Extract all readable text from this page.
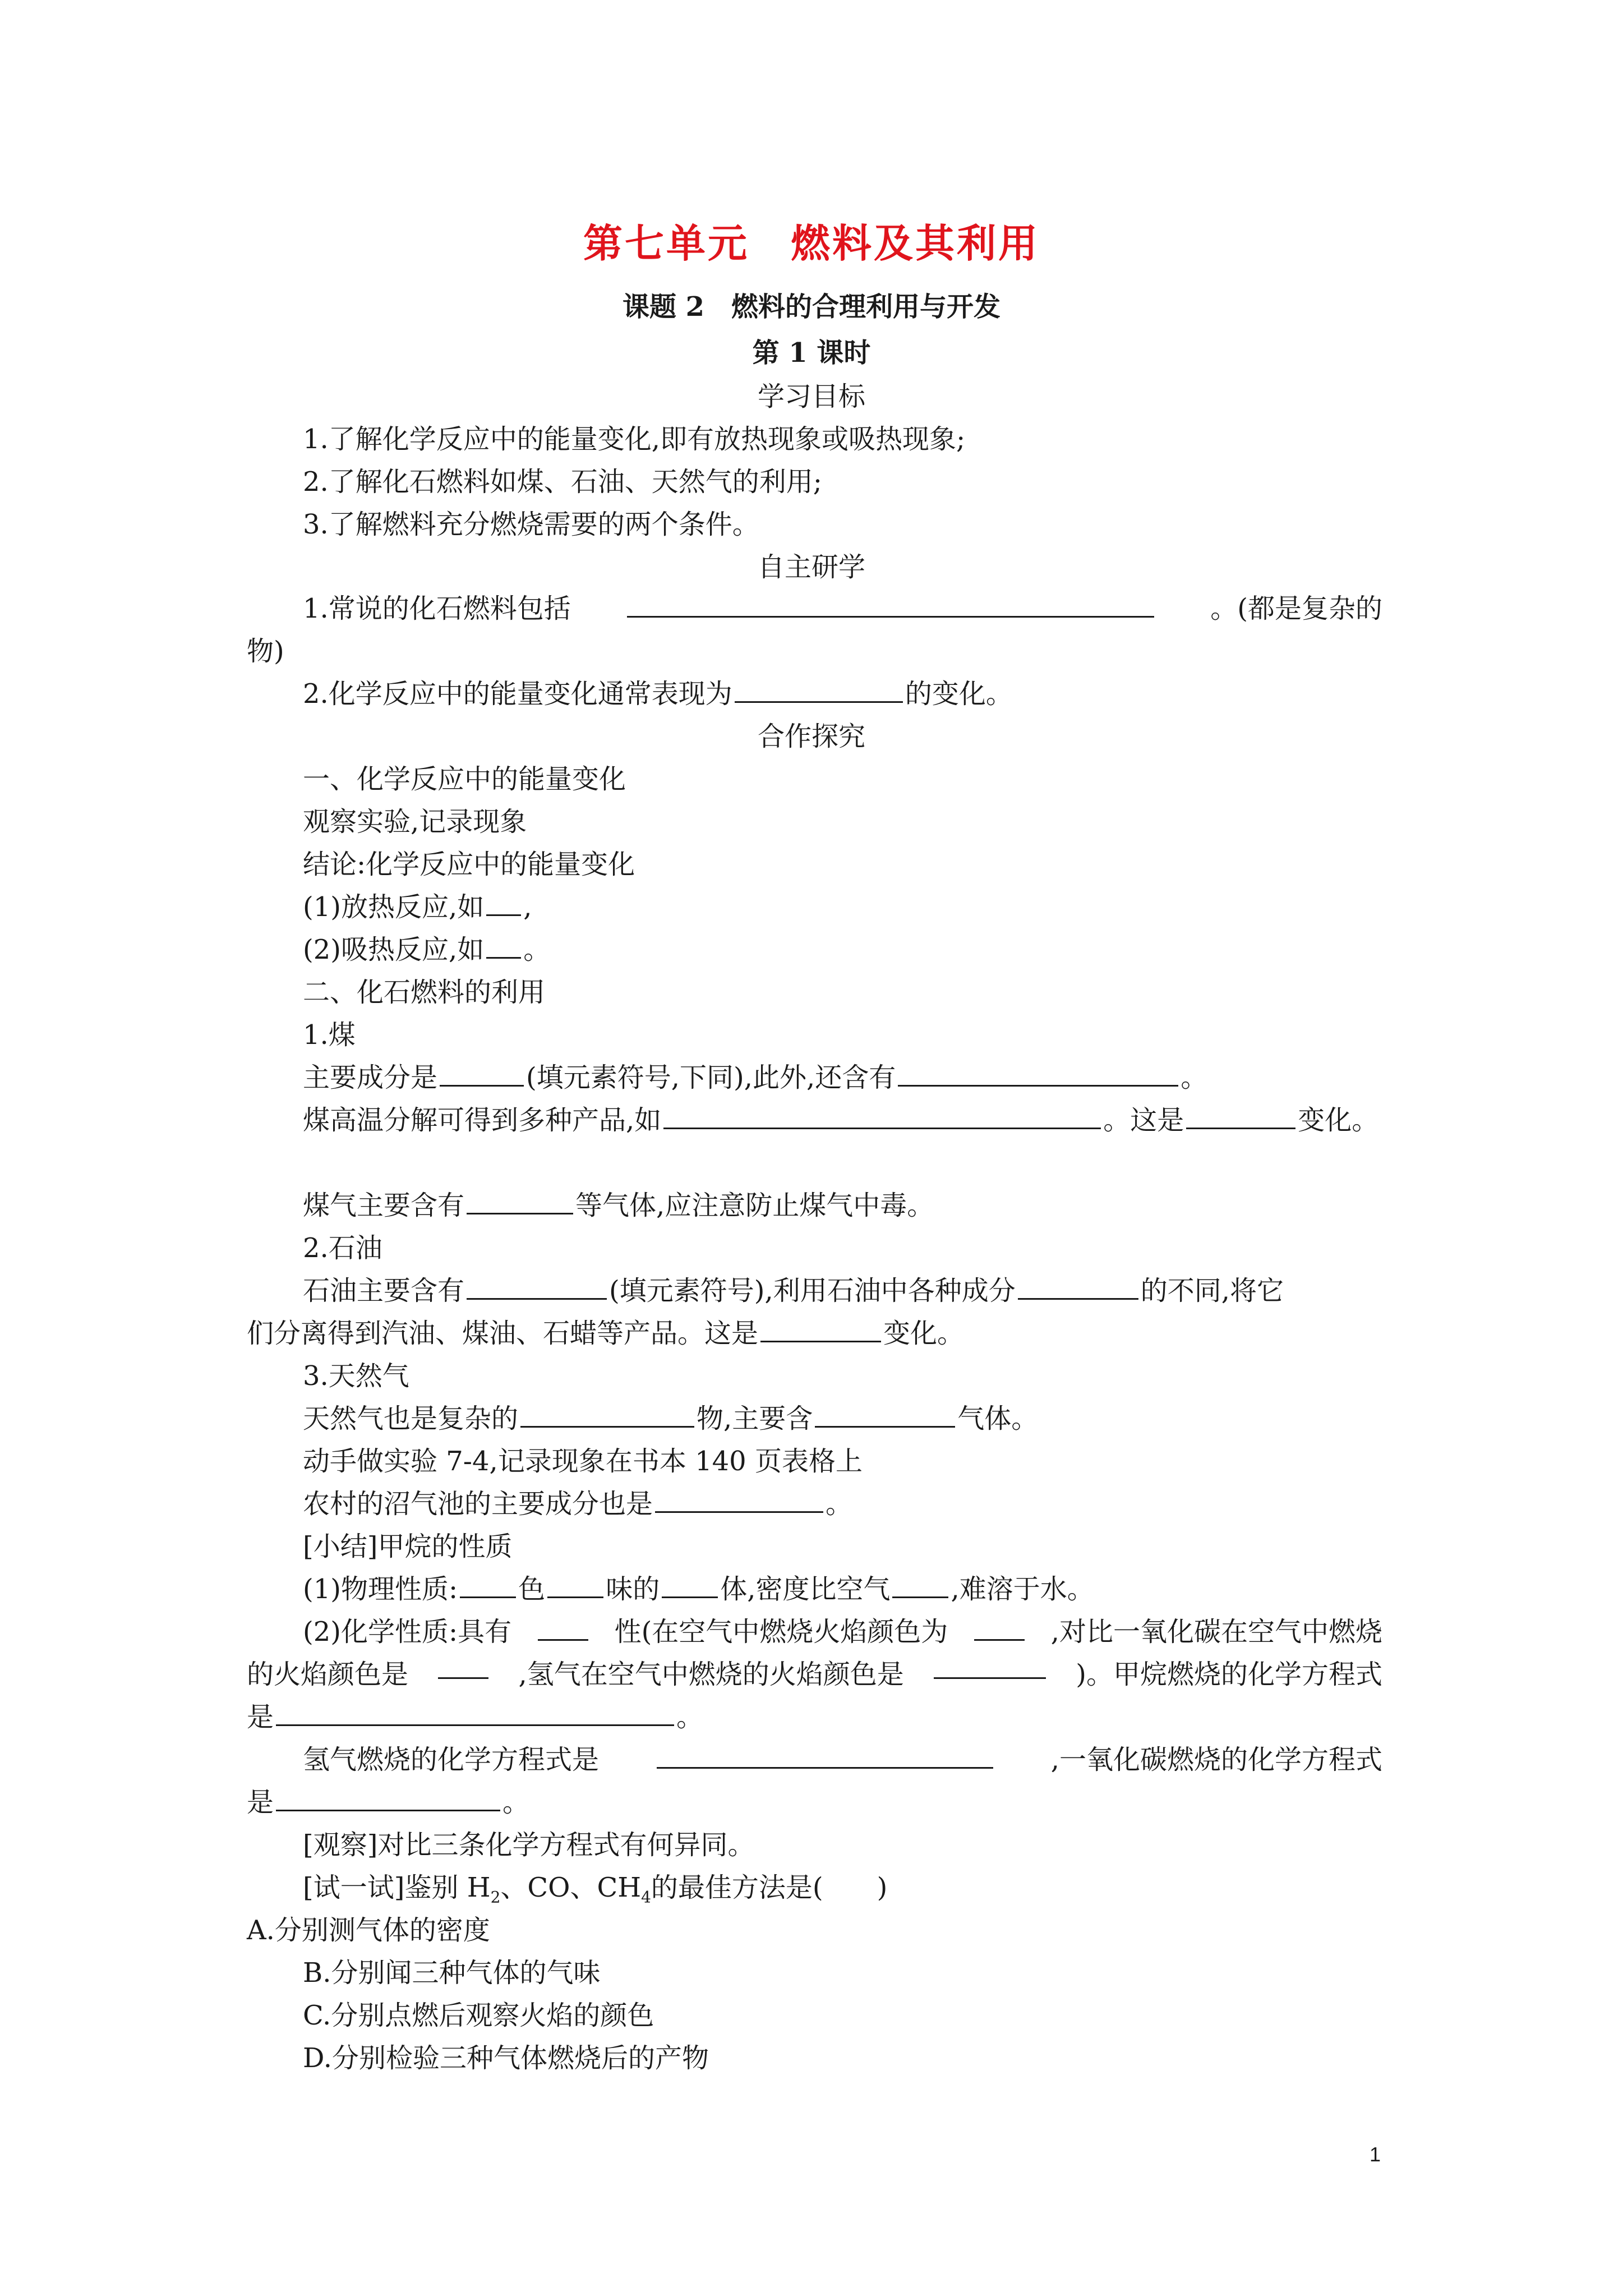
第七单元　燃料及其利用
课题 2　燃料的合理利用与开发
第 1 课时
学习目标
1.了解化学反应中的能量变化,即有放热现象或吸热现象;
2.了解化石燃料如煤、石油、天然气的利用;
3.了解燃料充分燃烧需要的两个条件。
自主研学
1.常说的化石燃料包括	。(都是复杂的
物)
2.化学反应中的能量变化通常表现为	的变化。
合作探究
一、化学反应中的能量变化
观察实验,记录现象
结论:化学反应中的能量变化
(1)放热反应,如 ,
(2)吸热反应,如 。
二、化石燃料的利用
1.煤
主要成分是	(填元素符号,下同),此外,还含有	。
煤高温分解可得到多种产品,如	。这是	变化。
煤气主要含有	等气体,应注意防止煤气中毒。
2.石油
石油主要含有	(填元素符号),利用石油中各种成分	的不同,将它
们分离得到汽油、煤油、石蜡等产品。这是	变化。
3.天然气
天然气也是复杂的	物,主要含	气体。
动手做实验 7-4,记录现象在书本 140 页表格上
农村的沼气池的主要成分也是	。
[小结]甲烷的性质
(1)物理性质: 色 味的 体,密度比空气 ,难溶于水。
(2)化学性质:具有	性(在空气中燃烧火焰颜色为	,对比一氧化碳在空气中燃烧
的火焰颜色是	,氢气在空气中燃烧的火焰颜色是	)。甲烷燃烧的化学方程式
是	。
氢气燃烧的化学方程式是	,一氧化碳燃烧的化学方程式
是	。
[观察]对比三条化学方程式有何异同。
[试一试]鉴别 $H_2$、CO、$CH_4$的最佳方法是(　　)
A.分别测气体的密度
B.分别闻三种气体的气味
C.分别点燃后观察火焰的颜色
D.分别检验三种气体燃烧后的产物
1
